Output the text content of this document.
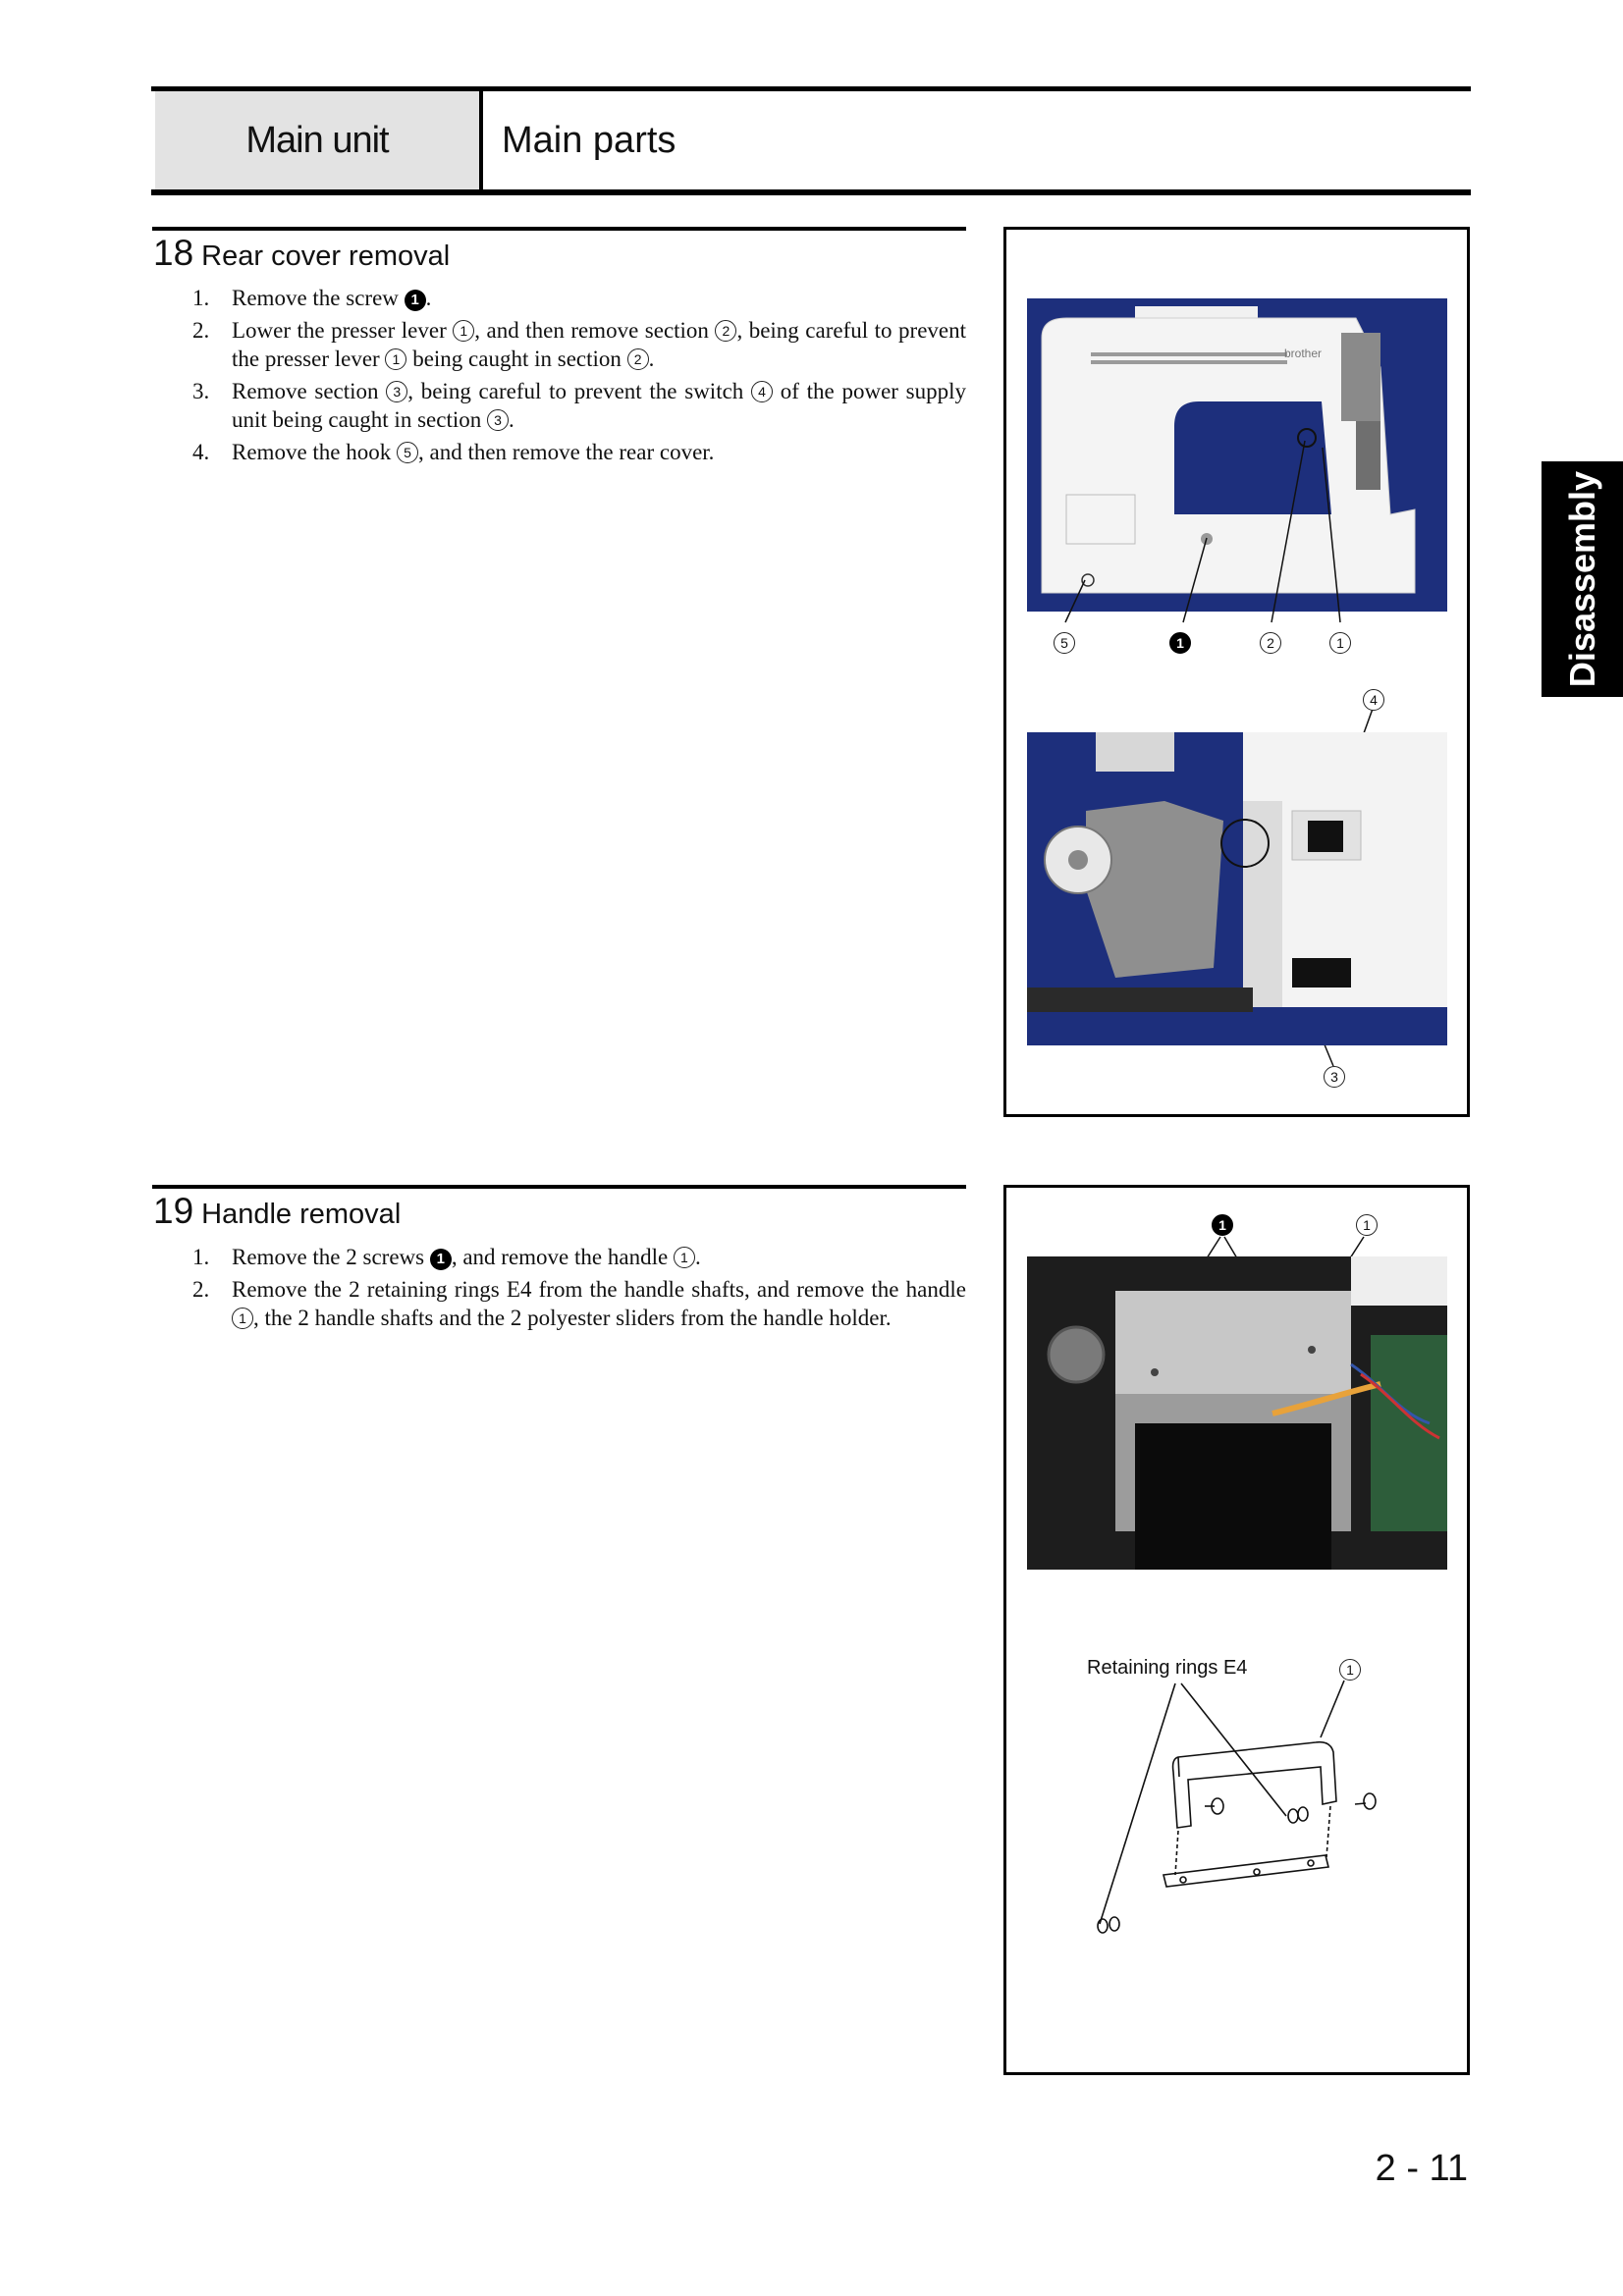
Main unit	Main parts
Disassembly
18 Rear cover removal
1. Remove the screw 1 .
2. Lower the presser lever 1 , and then remove section 2 , being careful to prevent the presser lever 1 being caught in section 2 .
3. Remove section 3 , being careful to prevent the switch 4 of the power supply unit being caught in section 3 .
4. Remove the hook 5 , and then remove the rear cover.
brother
5	1	2	1
4
3
19 Handle removal
1. Remove the 2 screws 1 , and remove the handle 1 .
2. Remove the 2 retaining rings E4 from the handle shafts, and remove the handle 1 , the 2 handle shafts and the 2 polyester sliders from the handle holder.
1	1
Retaining rings E4	1
2 - 11
